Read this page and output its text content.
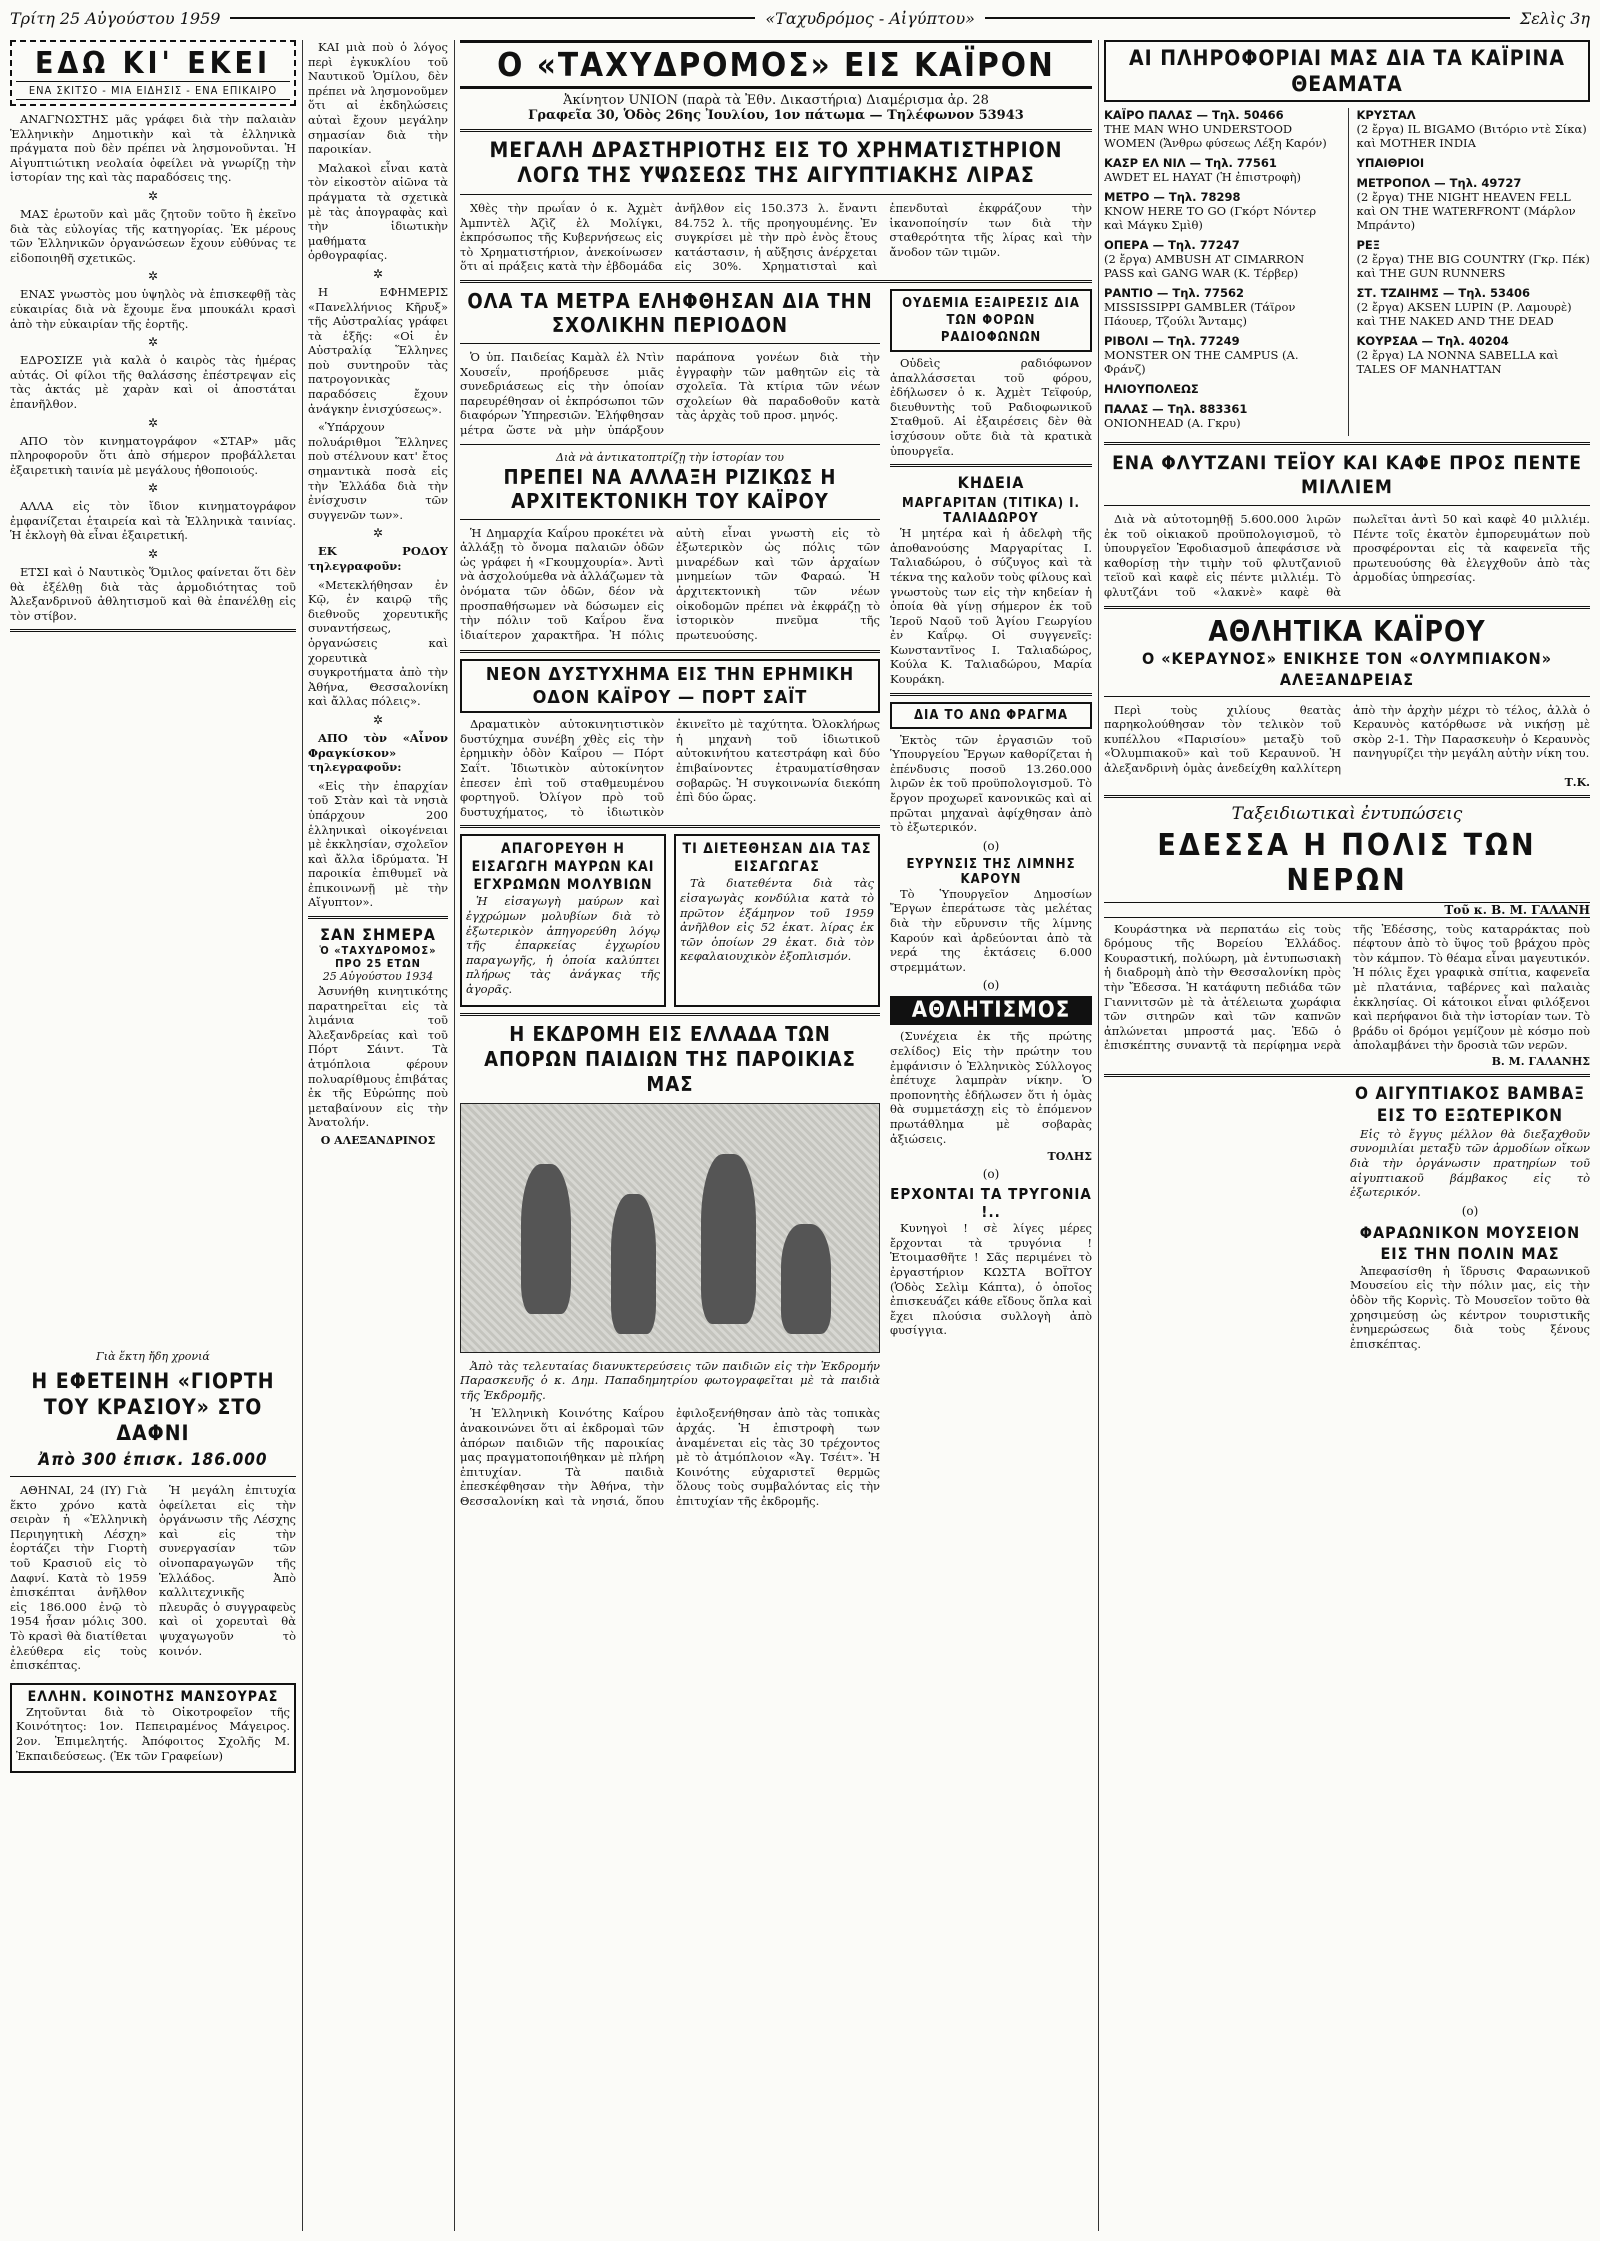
Τρίτη 25 Αὐγούστου 1959	«Ταχυδρόμος - Αἰγύπτου»	Σελὶς 3η
ΕΔΩ ΚΙ' ΕΚΕΙ
ΕΝΑ ΣΚΙΤΣΟ - ΜΙΑ ΕΙΔΗΣΙΣ - ΕΝΑ ΕΠΙΚΑΙΡΟ

ΑΝΑΓΝΩΣΤΗΣ μᾶς γράφει διὰ τὴν παλαιὰν Ἑλληνικὴν Δημοτικὴν καὶ τὰ ἑλληνικὰ πράγματα ποὺ δὲν πρέπει νὰ λησμονοῦνται. Ἡ Αἰγυπτιώτικη νεολαία ὀφείλει νὰ γνωρίζῃ τὴν ἱστορίαν της καὶ τὰς παραδόσεις της.

✲

ΜΑΣ ἐρωτοῦν καὶ μᾶς ζητοῦν τοῦτο ἢ ἐκεῖνο διὰ τὰς εὐλογίας τῆς κατηγορίας. Ἐκ μέρους τῶν Ἑλληνικῶν ὀργανώσεων ἔχουν εὐθύνας τε εἰδοποιηθῆ σχετικῶς.

✲

ΕΝΑΣ γνωστὸς μου ὑψηλὸς νὰ ἐπισκεφθῇ τὰς εὐκαιρίας διὰ νὰ ἔχουμε ἕνα μπουκάλι κρασὶ ἀπὸ τὴν εὐκαιρίαν τῆς ἑορτῆς.

✲

ΕΔΡΟΣΙΖΕ γιὰ καλὰ ὁ καιρὸς τὰς ἡμέρας αὐτάς. Οἱ φίλοι τῆς θαλάσσης ἐπέστρεψαν εἰς τὰς ἀκτάς μὲ χαρὰν καὶ οἱ ἀποστάται ἐπανῆλθον.

✲

ΑΠΟ τὸν κινηματογράφον «ΣΤΑΡ» μᾶς πληροφοροῦν ὅτι ἀπὸ σήμερον προβάλλεται ἐξαιρετικὴ ταινία μὲ μεγάλους ἠθοποιούς.

✲

ΑΛΛΑ εἰς τὸν ἴδιον κινηματογράφον ἐμφανίζεται ἑταιρεία καὶ τὰ Ἑλληνικὰ ταινίας. Ἡ ἐκλογὴ θὰ εἶναι ἐξαιρετική.

✲

ΕΤΣΙ καὶ ὁ Ναυτικὸς Ὅμιλος φαίνεται ὅτι δὲν θὰ ἐξέλθῃ διὰ τὰς ἀρμοδιότητας τοῦ Ἀλεξανδρινοῦ ἀθλητισμοῦ καὶ θὰ ἐπανέλθῃ εἰς τὸν στίβον.

Γιὰ ἕκτη ἤδη χρονιά
Η ΕΦΕΤΕΙΝΗ «ΓΙΟΡΤΗ ΤΟΥ ΚΡΑΣΙΟΥ» ΣΤΟ ΔΑΦΝΙ
Ἀπὸ 300 ἐπισκ. 186.000

ΑΘΗΝΑΙ, 24 (ΙΥ) Γιὰ ἕκτο χρόνο κατὰ σειρὰν ἡ «Ἑλληνικὴ Περιηγητικὴ Λέσχη» ἑορτάζει τὴν Γιορτὴ τοῦ Κρασιοῦ εἰς τὸ Δαφνί. Κατὰ τὸ 1959 ἐπισκέπται ἀνῆλθον εἰς 186.000 ἐνῷ τὸ 1954 ἦσαν μόλις 300. Τὸ κρασὶ θὰ διατίθεται ἐλεύθερα εἰς τοὺς ἐπισκέπτας.

Ἡ μεγάλη ἐπιτυχία ὀφείλεται εἰς τὴν ὀργάνωσιν τῆς Λέσχης καὶ εἰς τὴν συνεργασίαν τῶν οἰνοπαραγωγῶν τῆς Ἑλλάδος. Ἀπὸ καλλιτεχνικῆς πλευρᾶς ὁ συγγραφεὺς καὶ οἱ χορευταὶ θὰ ψυχαγωγοῦν τὸ κοινόν.

ΕΛΛΗΝ. ΚΟΙΝΟΤΗΣ ΜΑΝΣΟΥΡΑΣ

Ζητοῦνται διὰ τὸ Οἰκοτροφεῖον τῆς Κοινότητος: 1ον. Πεπειραμένος Μάγειρος. 2ον. Ἐπιμελητής. Ἀπόφοιτος Σχολῆς Μ. Ἐκπαιδεύσεως. (Ἐκ τῶν Γραφείων)

ΚΑΙ μιὰ ποὺ ὁ λόγος περὶ ἐγκυκλίου τοῦ Ναυτικοῦ Ὁμίλου, δὲν πρέπει νὰ λησμονοῦμεν ὅτι αἱ ἐκδηλώσεις αὐταὶ ἔχουν μεγάλην σημασίαν διὰ τὴν παροικίαν.

Μαλακοὶ εἶναι κατὰ τὸν εἰκοστὸν αἰῶνα τὰ πράγματα τὰ σχετικὰ μὲ τὰς ἀπογραφὰς καὶ τὴν ἰδιωτικὴν μαθήματα ὀρθογραφίας.

✲

Η ΕΦΗΜΕΡΙΣ «Πανελλήνιος Κῆρυξ» τῆς Αὐστραλίας γράφει τὰ ἑξῆς: «Οἱ ἐν Αὐστραλίᾳ Ἕλληνες ποὺ συντηροῦν τὰς πατρογονικὰς παραδόσεις ἔχουν ἀνάγκην ἐνισχύσεως».

«Ὑπάρχουν πολυάριθμοι Ἕλληνες ποὺ στέλνουν κατ' ἔτος σημαντικὰ ποσὰ εἰς τὴν Ἑλλάδα διὰ τὴν ἐνίσχυσιν τῶν συγγενῶν των».

✲

ΕΚ ΡΟΔΟΥ τηλεγραφοῦν:

«Μετεκλήθησαν ἐν Κῷ, ἐν καιρῷ τῆς διεθνοῦς χορευτικῆς συναντήσεως, ὀργανώσεις καὶ χορευτικὰ συγκροτήματα ἀπὸ τὴν Ἀθήνα, Θεσσαλονίκη καὶ ἄλλας πόλεις».

✲

ΑΠΟ τὸν «Αἶνον Φραγκίσκον» τηλεγραφοῦν:

«Εἰς τὴν ἐπαρχίαν τοῦ Στὰν καὶ τὰ νησιὰ ὑπάρχουν 200 ἑλληνικαὶ οἰκογένειαι μὲ ἐκκλησίαν, σχολεῖον καὶ ἄλλα ἱδρύματα. Ἡ παροικία ἐπιθυμεῖ νὰ ἐπικοινωνῇ μὲ τὴν Αἴγυπτον».

ΣΑΝ ΣΗΜΕΡΑ
Ὁ «ΤΑΧΥΔΡΟΜΟΣ» ΠΡΟ 25 ΕΤΩΝ
25 Αὐγούστου 1934

Ἀσυνήθη κινητικότης παρατηρεῖται εἰς τὰ λιμάνια τοῦ Ἀλεξανδρείας καὶ τοῦ Πόρτ Σάιντ. Τὰ ἀτμόπλοια φέρουν πολυαρίθμους ἐπιβάτας ἐκ τῆς Εὐρώπης ποὺ μεταβαίνουν εἰς τὴν Ἀνατολήν.

Ο ΑΛΕΞΑΝΔΡΙΝΟΣ
Ο «ΤΑΧΥΔΡΟΜΟΣ» ΕΙΣ ΚΑΪΡΟΝ
Ἀκίνητον UNION (παρὰ τὰ Ἐθν. Δικαστήρια) Διαμέρισμα ἀρ. 28
Γραφεῖα 30, Ὁδὸς 26ης Ἰουλίου, 1ον πάτωμα — Τηλέφωνον 53943
ΜΕΓΑΛΗ ΔΡΑΣΤΗΡΙΟΤΗΣ ΕΙΣ ΤΟ ΧΡΗΜΑΤΙΣΤΗΡΙΟΝ ΛΟΓΩ ΤΗΣ ΥΨΩΣΕΩΣ ΤΗΣ ΑΙΓΥΠΤΙΑΚΗΣ ΛΙΡΑΣ

Χθὲς τὴν πρωΐαν ὁ κ. Ἀχμὲτ Ἀμπντὲλ Ἀζὶζ ἐλ Μολίγκι, ἐκπρόσωπος τῆς Κυβερνήσεως εἰς τὸ Χρηματιστήριον, ἀνεκοίνωσεν ὅτι αἱ πράξεις κατὰ τὴν ἑβδομάδα ἀνῆλθον εἰς 150.373 λ. ἔναντι 84.752 λ. τῆς προηγουμένης. Ἐν συγκρίσει μὲ τὴν πρὸ ἑνὸς ἔτους κατάστασιν, ἡ αὔξησις ἀνέρχεται εἰς 30%. Χρηματισταὶ καὶ ἐπενδυταὶ ἐκφράζουν τὴν ἱκανοποίησίν των διὰ τὴν σταθερότητα τῆς λίρας καὶ τὴν ἄνοδον τῶν τιμῶν.

ΟΛΑ ΤΑ ΜΕΤΡΑ ΕΛΗΦΘΗΣΑΝ ΔΙΑ ΤΗΝ ΣΧΟΛΙΚΗΝ ΠΕΡΙΟΔΟΝ

Ὁ ὑπ. Παιδείας Καμὰλ ἐλ Ντὶν Χουσεΐν, προήδρευσε μιᾶς συνεδριάσεως εἰς τὴν ὁποίαν παρευρέθησαν οἱ ἐκπρόσωποι τῶν διαφόρων Ὑπηρεσιῶν. Ἐλήφθησαν μέτρα ὥστε νὰ μὴν ὑπάρξουν παράπονα γονέων διὰ τὴν ἐγγραφὴν τῶν μαθητῶν εἰς τὰ σχολεῖα. Τὰ κτίρια τῶν νέων σχολείων θὰ παραδοθοῦν κατὰ τὰς ἀρχὰς τοῦ προσ. μηνός.

Διὰ νὰ ἀντικατοπτρίζῃ τὴν ἱστορίαν του
ΠΡΕΠΕΙ ΝΑ ΑΛΛΑΞΗ ΡΙΖΙΚΩΣ Η ΑΡΧΙΤΕΚΤΟΝΙΚΗ ΤΟΥ ΚΑΪΡΟΥ

Ἡ Δημαρχία Καΐρου προκέτει νὰ ἀλλάξῃ τὸ ὄνομα παλαιῶν ὁδῶν ὡς γράφει ἡ «Γκουμχουρία». Ἀντὶ νὰ ἀσχολούμεθα νὰ ἀλλάζωμεν τὰ ὀνόματα τῶν ὁδῶν, δέον νὰ προσπαθήσωμεν νὰ δώσωμεν εἰς τὴν πόλιν τοῦ Καΐρου ἕνα ἰδιαίτερον χαρακτῆρα. Ἡ πόλις αὐτὴ εἶναι γνωστὴ εἰς τὸ ἐξωτερικὸν ὡς πόλις τῶν μιναρέδων καὶ τῶν ἀρχαίων μνημείων τῶν Φαραώ. Ἡ ἀρχιτεκτονικὴ τῶν νέων οἰκοδομῶν πρέπει νὰ ἐκφράζῃ τὸ ἱστορικὸν πνεῦμα τῆς πρωτευούσης.

ΝΕΟΝ ΔΥΣΤΥΧΗΜΑ ΕΙΣ ΤΗΝ ΕΡΗΜΙΚΗ ΟΔΟΝ ΚΑΪΡΟΥ — ΠΟΡΤ ΣΑΪΤ

Δραματικὸν αὐτοκινητιστικὸν δυστύχημα συνέβη χθὲς εἰς τὴν ἐρημικὴν ὁδὸν Καΐρου — Πόρτ Σαΐτ. Ἰδιωτικὸν αὐτοκίνητον ἐπεσεν ἐπὶ τοῦ σταθμευμένου φορτηγοῦ. Ὀλίγον πρὸ τοῦ δυστυχήματος, τὸ ἰδιωτικὸν ἐκινεῖτο μὲ ταχύτητα. Ὀλοκλήρως ἡ μηχανὴ τοῦ ἰδιωτικοῦ αὐτοκινήτου κατεστράφη καὶ δύο ἐπιβαίνοντες ἐτραυματίσθησαν σοβαρῶς. Ἡ συγκοινωνία διεκόπη ἐπὶ δύο ὥρας.

ΑΠΑΓΟΡΕΥΘΗ Η ΕΙΣΑΓΩΓΗ ΜΑΥΡΩΝ ΚΑΙ ΕΓΧΡΩΜΩΝ ΜΟΛΥΒΙΩΝ

Ἡ εἰσαγωγὴ μαύρων καὶ ἐγχρώμων μολυβίων διὰ τὸ ἐξωτερικὸν ἀπηγορεύθη λόγῳ τῆς ἐπαρκείας ἐγχωρίου παραγωγῆς, ἡ ὁποία καλύπτει πλήρως τὰς ἀνάγκας τῆς ἀγορᾶς.

ΤΙ ΔΙΕΤΕΘΗΣΑΝ ΔΙΑ ΤΑΣ ΕΙΣΑΓΩΓΑΣ

Τὰ διατεθέντα διὰ τὰς εἰσαγωγὰς κονδύλια κατὰ τὸ πρῶτον ἑξάμηνον τοῦ 1959 ἀνῆλθον εἰς 52 ἑκατ. λίρας ἐκ τῶν ὁποίων 29 ἑκατ. διὰ τὸν κεφαλαιουχικὸν ἐξοπλισμόν.

Η ΕΚΔΡΟΜΗ ΕΙΣ ΕΛΛΑΔΑ ΤΩΝ ΑΠΟΡΩΝ ΠΑΙΔΙΩΝ ΤΗΣ ΠΑΡΟΙΚΙΑΣ ΜΑΣ

Ἀπὸ τὰς τελευταίας διανυκτερεύσεις τῶν παιδιῶν εἰς τὴν Ἑκδρομήν Παρασκευῆς ὁ κ. Δημ. Παπαδημητρίου φωτογραφεῖται μὲ τὰ παιδιὰ τῆς Ἐκδρομῆς.

Ἡ Ἑλληνικὴ Κοινότης Καΐρου ἀνακοινώνει ὅτι αἱ ἐκδρομαὶ τῶν ἀπόρων παιδιῶν τῆς παροικίας μας πραγματοποιήθηκαν μὲ πλήρη ἐπιτυχίαν. Τὰ παιδιὰ ἐπεσκέφθησαν τὴν Ἀθήνα, τὴν Θεσσαλονίκη καὶ τὰ νησιά, ὅπου ἐφιλοξενήθησαν ἀπὸ τὰς τοπικὰς ἀρχάς. Ἡ ἐπιστροφὴ των ἀναμένεται εἰς τὰς 30 τρέχοντος μὲ τὸ ἀτμόπλοιον «Ἀγ. Τσέιτ». Ἡ Κοινότης εὐχαριστεῖ θερμῶς ὅλους τοὺς συμβαλόντας εἰς τὴν ἐπιτυχίαν τῆς ἐκδρομῆς.

ΟΥΔΕΜΙΑ ΕΞΑΙΡΕΣΙΣ ΔΙΑ ΤΩΝ ΦΟΡΩΝ ΡΑΔΙΟΦΩΝΩΝ

Οὐδεὶς ραδιόφωνον ἀπαλλάσσεται τοῦ φόρου, ἐδήλωσεν ὁ κ. Ἀχμὲτ Τεϊφούρ, διευθυντὴς τοῦ Ραδιοφωνικοῦ Σταθμοῦ. Αἱ ἐξαιρέσεις δὲν θὰ ἰσχύσουν οὔτε διὰ τὰ κρατικὰ ὑπουργεῖα.

ΚΗΔΕΙΑ
ΜΑΡΓΑΡΙΤΑΝ (ΤΙΤΙΚΑ) Ι. ΤΑΛΙΑΔΩΡΟΥ

Ἡ μητέρα καὶ ἡ ἀδελφὴ τῆς ἀποθανούσης Μαργαρίτας Ι. Ταλιαδώρου, ὁ σύζυγος καὶ τὰ τέκνα της καλοῦν τοὺς φίλους καὶ γνωστοὺς των εἰς τὴν κηδείαν ἡ ὁποία θὰ γίνῃ σήμερον ἐκ τοῦ Ἱεροῦ Ναοῦ τοῦ Ἁγίου Γεωργίου ἐν Καΐρῳ. Οἱ συγγενεῖς: Κωνσταντῖνος Ι. Ταλιαδώρος, Κούλα Κ. Ταλιαδώρου, Μαρία Κουράκη.

ΔΙΑ ΤΟ ΑΝΩ ΦΡΑΓΜΑ

Ἐκτὸς τῶν ἐργασιῶν τοῦ Ὑπουργείου Ἔργων καθορίζεται ἡ ἐπένδυσις ποσοῦ 13.260.000 λιρῶν ἐκ τοῦ προϋπολογισμοῦ. Τὸ ἔργον προχωρεῖ κανονικῶς καὶ αἱ πρῶται μηχαναὶ ἀφίχθησαν ἀπὸ τὸ ἐξωτερικόν.

(ο)
ΕΥΡΥΝΣΙΣ ΤΗΣ ΛΙΜΝΗΣ ΚΑΡΟΥΝ

Τὸ Ὑπουργεῖον Δημοσίων Ἔργων ἐπεράτωσε τὰς μελέτας διὰ τὴν εὔρυνσιν τῆς λίμνης Καρούν καὶ ἀρδεύονται ἀπὸ τὰ νερά της ἐκτάσεις 6.000 στρεμμάτων.

(ο)
ΑΘΛΗΤΙΣΜΟΣ

(Συνέχεια ἐκ τῆς πρώτης σελίδος) Εἰς τὴν πρώτην του ἐμφάνισιν ὁ Ἑλληνικὸς Σύλλογος ἐπέτυχε λαμπρὰν νίκην. Ὁ προπονητὴς ἐδήλωσεν ὅτι ἡ ὁμὰς θὰ συμμετάσχῃ εἰς τὸ ἐπόμενον πρωτάθλημα μὲ σοβαρὰς ἀξιώσεις.

ΤΟΛΗΣ
(ο)
ΕΡΧΟΝΤΑΙ ΤΑ ΤΡΥΓΟΝΙΑ !..

Κυνηγοὶ ! σὲ λίγες μέρες ἔρχονται τὰ τρυγόνια ! Ἑτοιμασθῆτε ! Σᾶς περιμένει τὸ ἐργαστήριον ΚΩΣΤΑ ΒΟΪΤΟΥ (Ὁδὸς Σελὶμ Κάπτα), ὁ ὁποῖος ἐπισκευάζει κάθε εἴδους ὅπλα καὶ ἔχει πλούσια συλλογὴ ἀπὸ φυσίγγια.

ΑΙ ΠΛΗΡΟΦΟΡΙΑΙ ΜΑΣ ΔΙΑ ΤΑ ΚΑΪΡΙΝΑ ΘΕΑΜΑΤΑ
ΚΑΪΡΟ ΠΑΛΑΣ — Τηλ. 50466
THE MAN WHO UNDERSTOOD WOMEN (Ἄνθρω φύσεως Λέξη Καρόν)
ΚΑΣΡ ΕΛ ΝΙΛ — Τηλ. 77561
AWDET EL HAYAT (Ἡ ἐπιστροφὴ)
ΜΕΤΡΟ — Τηλ. 78298
KNOW HERE TO GO (Γκόρτ Νόντερ καὶ Μάγκυ Σμὶθ)
ΟΠΕΡΑ — Τηλ. 77247
(2 ἔργα) AMBUSH AT CIMARRON PASS καὶ GANG WAR (Κ. Τέρβερ)
ΡΑΝΤΙΟ — Τηλ. 77562
MISSISSIPPI GAMBLER (Τάϊρον Πάουερ, Τζούλι Ἄνταμς)
ΡΙΒΟΛΙ — Τηλ. 77249
MONSTER ON THE CAMPUS (Α. Φράνζ)
ΗΛΙΟΥΠΟΛΕΩΣ
ΠΑΛΑΣ — Τηλ. 883361
ONIONHEAD (Α. Γκρυ)
ΚΡΥΣΤΑΛ
(2 ἔργα) IL BIGAMO (Βιτόριο ντὲ Σίκα) καὶ MOTHER INDIA
ΥΠΑΙΘΡΙΟΙ
ΜΕΤΡΟΠΟΛ — Τηλ. 49727
(2 ἔργα) THE NIGHT HEAVEN FELL καὶ ON THE WATERFRONT (Μάρλον Μπράντο)
ΡΕΞ
(2 ἔργα) THE BIG COUNTRY (Γκρ. Πέκ) καὶ THE GUN RUNNERS
ΣΤ. ΤΖΑΙΗΜΣ — Τηλ. 53406
(2 ἔργα) AKSEN LUPIN (Ρ. Λαμουρὲ) καὶ THE NAKED AND THE DEAD
ΚΟΥΡΣΑΑ — Τηλ. 40204
(2 ἔργα) LA NONNA SABELLA καὶ TALES OF MANHATTAN
ΕΝΑ ΦΛΥΤΖΑΝΙ ΤΕΪΟΥ ΚΑΙ ΚΑΦΕ ΠΡΟΣ ΠΕΝΤΕ ΜΙΛΛΙΕΜ

Διὰ νὰ αὐτοτομηθῇ 5.600.000 λιρῶν ἐκ τοῦ οἰκιακοῦ προϋπολογισμοῦ, τὸ ὑπουργεῖον Ἐφοδιασμοῦ ἀπεφάσισε νὰ καθορίσῃ τὴν τιμὴν τοῦ φλυτζανιοῦ τεϊοῦ καὶ καφὲ εἰς πέντε μιλλιέμ. Τὸ φλυτζάνι τοῦ «λακνὲ» καφὲ θὰ πωλεῖται ἀντὶ 50 καὶ καφὲ 40 μιλλιέμ. Πέντε τοῖς ἑκατὸν ἐμπορευμάτων ποὺ προσφέρονται εἰς τὰ καφενεῖα τῆς πρωτευούσης θὰ ἐλεγχθοῦν ἀπὸ τὰς ἀρμοδίας ὑπηρεσίας.

ΑΘΛΗΤΙΚΑ ΚΑΪΡΟΥ
Ο «ΚΕΡΑΥΝΟΣ» ΕΝΙΚΗΣΕ ΤΟΝ «ΟΛΥΜΠΙΑΚΟΝ» ΑΛΕΞΑΝΔΡΕΙΑΣ

Περὶ τοὺς χιλίους θεατὰς παρηκολούθησαν τὸν τελικὸν τοῦ κυπέλλου «Παρισίου» μεταξὺ τοῦ «Ὀλυμπιακοῦ» καὶ τοῦ Κεραυνοῦ. Ἡ ἀλεξανδρινὴ ὁμὰς ἀνεδείχθη καλλίτερη ἀπὸ τὴν ἀρχὴν μέχρι τὸ τέλος, ἀλλὰ ὁ Κεραυνὸς κατόρθωσε νὰ νικήσῃ μὲ σκὸρ 2-1. Τὴν Παρασκευὴν ὁ Κεραυνὸς πανηγυρίζει τὴν μεγάλη αὐτὴν νίκη του.

Τ.Κ.
Ταξειδιωτικαὶ ἐντυπώσεις
ΕΔΕΣΣΑ Η ΠΟΛΙΣ ΤΩΝ ΝΕΡΩΝ
Τοῦ κ. Β. Μ. ΓΑΛΑΝΗ

Κουράστηκα νὰ περπατάω εἰς τοὺς δρόμους τῆς Βορείου Ἑλλάδος. Κουραστική, πολύωρη, μὰ ἐντυπωσιακὴ ἡ διαδρομὴ ἀπὸ τὴν Θεσσαλονίκη πρὸς τὴν Ἔδεσσα. Ἡ κατάφυτη πεδιάδα τῶν Γιαννιτσῶν μὲ τὰ ἀτέλειωτα χωράφια τῶν σιτηρῶν καὶ τῶν καπνῶν ἀπλώνεται μπροστά μας. Ἐδῶ ὁ ἐπισκέπτης συναντᾷ τὰ περίφημα νερὰ τῆς Ἐδέσσης, τοὺς καταρράκτας ποὺ πέφτουν ἀπὸ τὸ ὕψος τοῦ βράχου πρὸς τὸν κάμπον. Τὸ θέαμα εἶναι μαγευτικόν. Ἡ πόλις ἔχει γραφικὰ σπίτια, καφενεῖα μὲ πλατάνια, ταβέρνες καὶ παλαιὰς ἐκκλησίας. Οἱ κάτοικοι εἶναι φιλόξενοι καὶ περήφανοι διὰ τὴν ἱστορίαν των. Τὸ βράδυ οἱ δρόμοι γεμίζουν μὲ κόσμο ποὺ ἀπολαμβάνει τὴν δροσιὰ τῶν νερῶν.

Β. Μ. ΓΑΛΑΝΗΣ
Ο ΑΙΓΥΠΤΙΑΚΟΣ ΒΑΜΒΑΞ ΕΙΣ ΤΟ ΕΞΩΤΕΡΙΚΟΝ

Εἰς τὸ ἔγγυς μέλλον θὰ διεξαχθοῦν συνομιλίαι μεταξὺ τῶν ἁρμοδίων οἴκων διὰ τὴν ὀργάνωσιν πρατηρίων τοῦ αἰγυπτιακοῦ βάμβακος εἰς τὸ ἐξωτερικόν.

(ο)
ΦΑΡΑΩΝΙΚΟΝ ΜΟΥΣΕΙΟΝ ΕΙΣ ΤΗΝ ΠΟΛΙΝ ΜΑΣ

Ἀπεφασίσθη ἡ ἵδρυσις Φαραωνικοῦ Μουσείου εἰς τὴν πόλιν μας, εἰς τὴν ὁδὸν τῆς Κορνὶς. Τὸ Μουσεῖον τοῦτο θὰ χρησιμεύσῃ ὡς κέντρον τουριστικῆς ἐνημερώσεως διὰ τοὺς ξένους ἐπισκέπτας.
